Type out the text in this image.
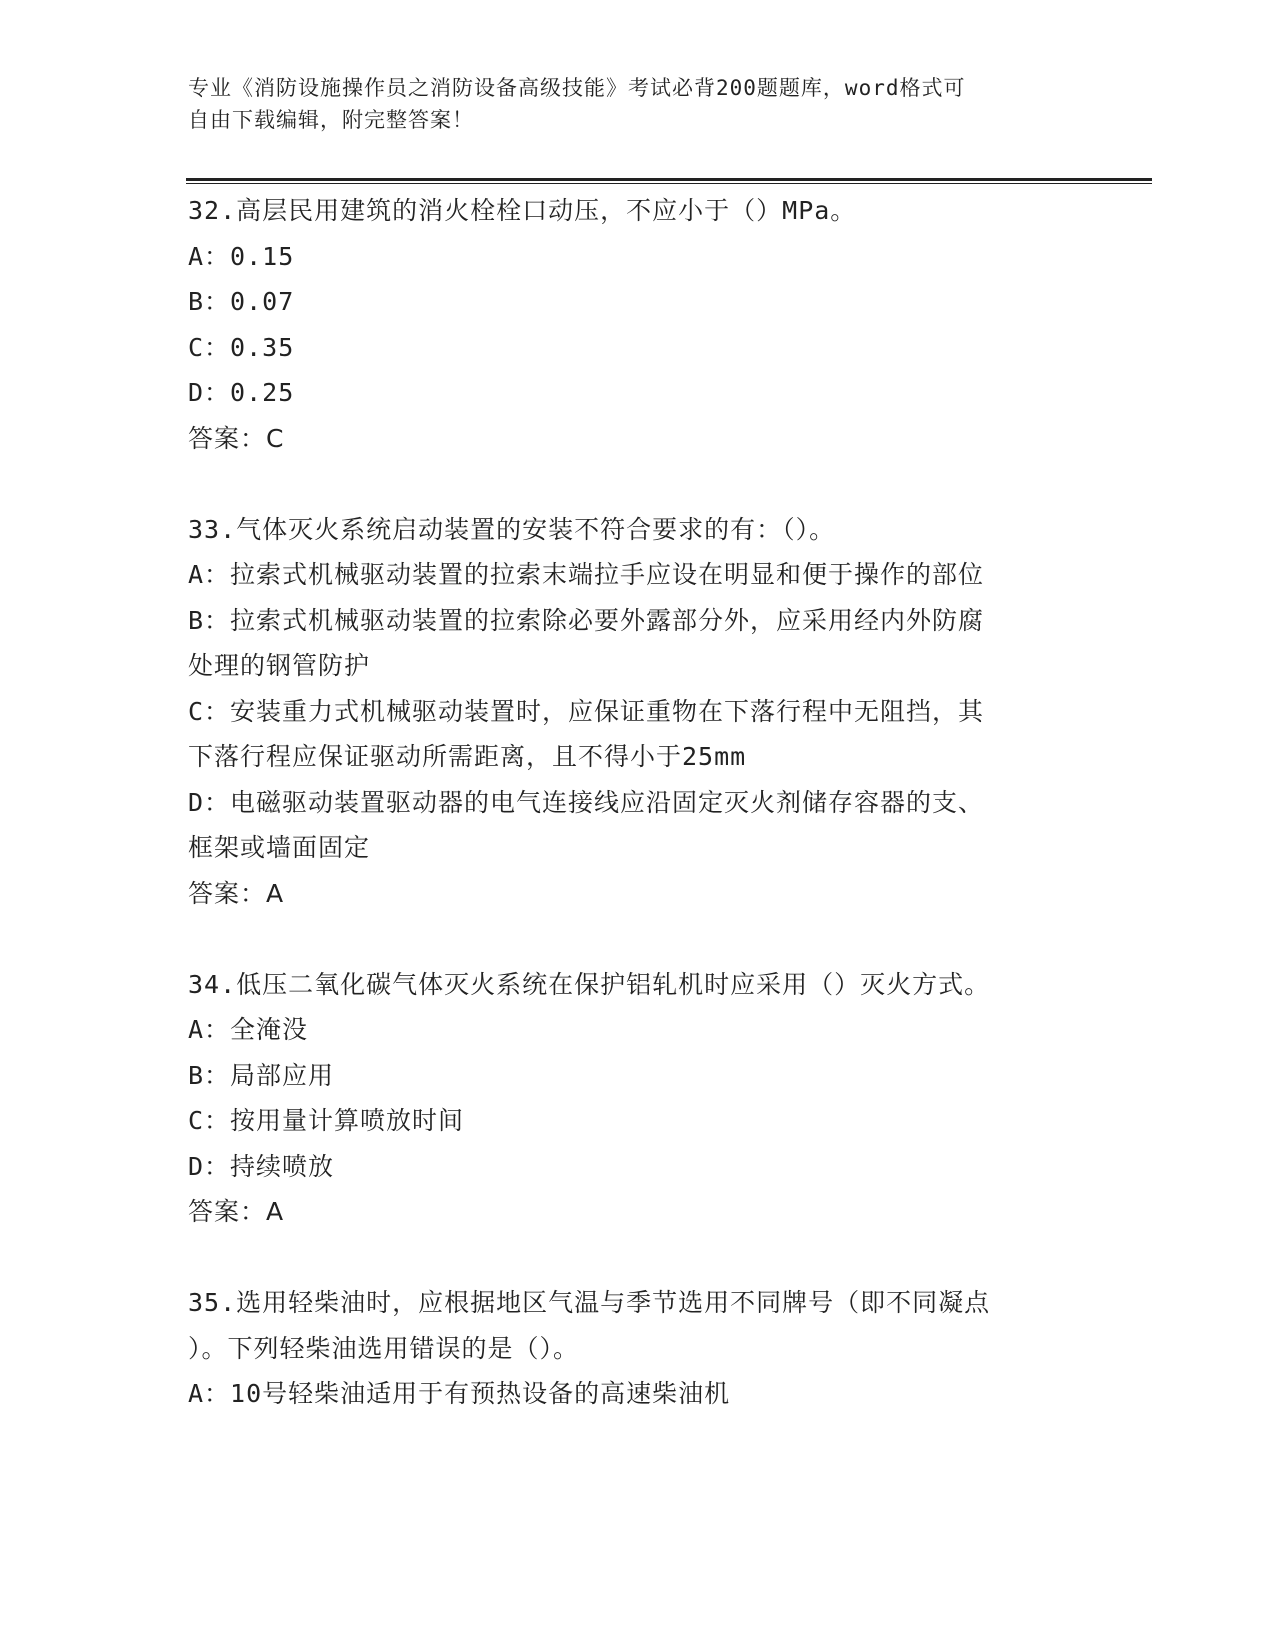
专业《消防设施操作员之消防设备高级技能》考试必背200题题库，word格式可
自由下载编辑，附完整答案！
32.高层民用建筑的消火栓栓口动压，不应小于（）MPa。
A：0.15
B：0.07
C：0.35
D：0.25
答案：C
33.气体灭火系统启动装置的安装不符合要求的有：（）。
A：拉索式机械驱动装置的拉索末端拉手应设在明显和便于操作的部位
B：拉索式机械驱动装置的拉索除必要外露部分外，应采用经内外防腐
处理的钢管防护
C：安装重力式机械驱动装置时，应保证重物在下落行程中无阻挡，其
下落行程应保证驱动所需距离，且不得小于25mm
D：电磁驱动装置驱动器的电气连接线应沿固定灭火剂储存容器的支、
框架或墙面固定
答案：A
34.低压二氧化碳气体灭火系统在保护铝轧机时应采用（）灭火方式。
A：全淹没
B：局部应用
C：按用量计算喷放时间
D：持续喷放
答案：A
35.选用轻柴油时，应根据地区气温与季节选用不同牌号（即不同凝点
）。下列轻柴油选用错误的是（）。
A：10号轻柴油适用于有预热设备的高速柴油机
